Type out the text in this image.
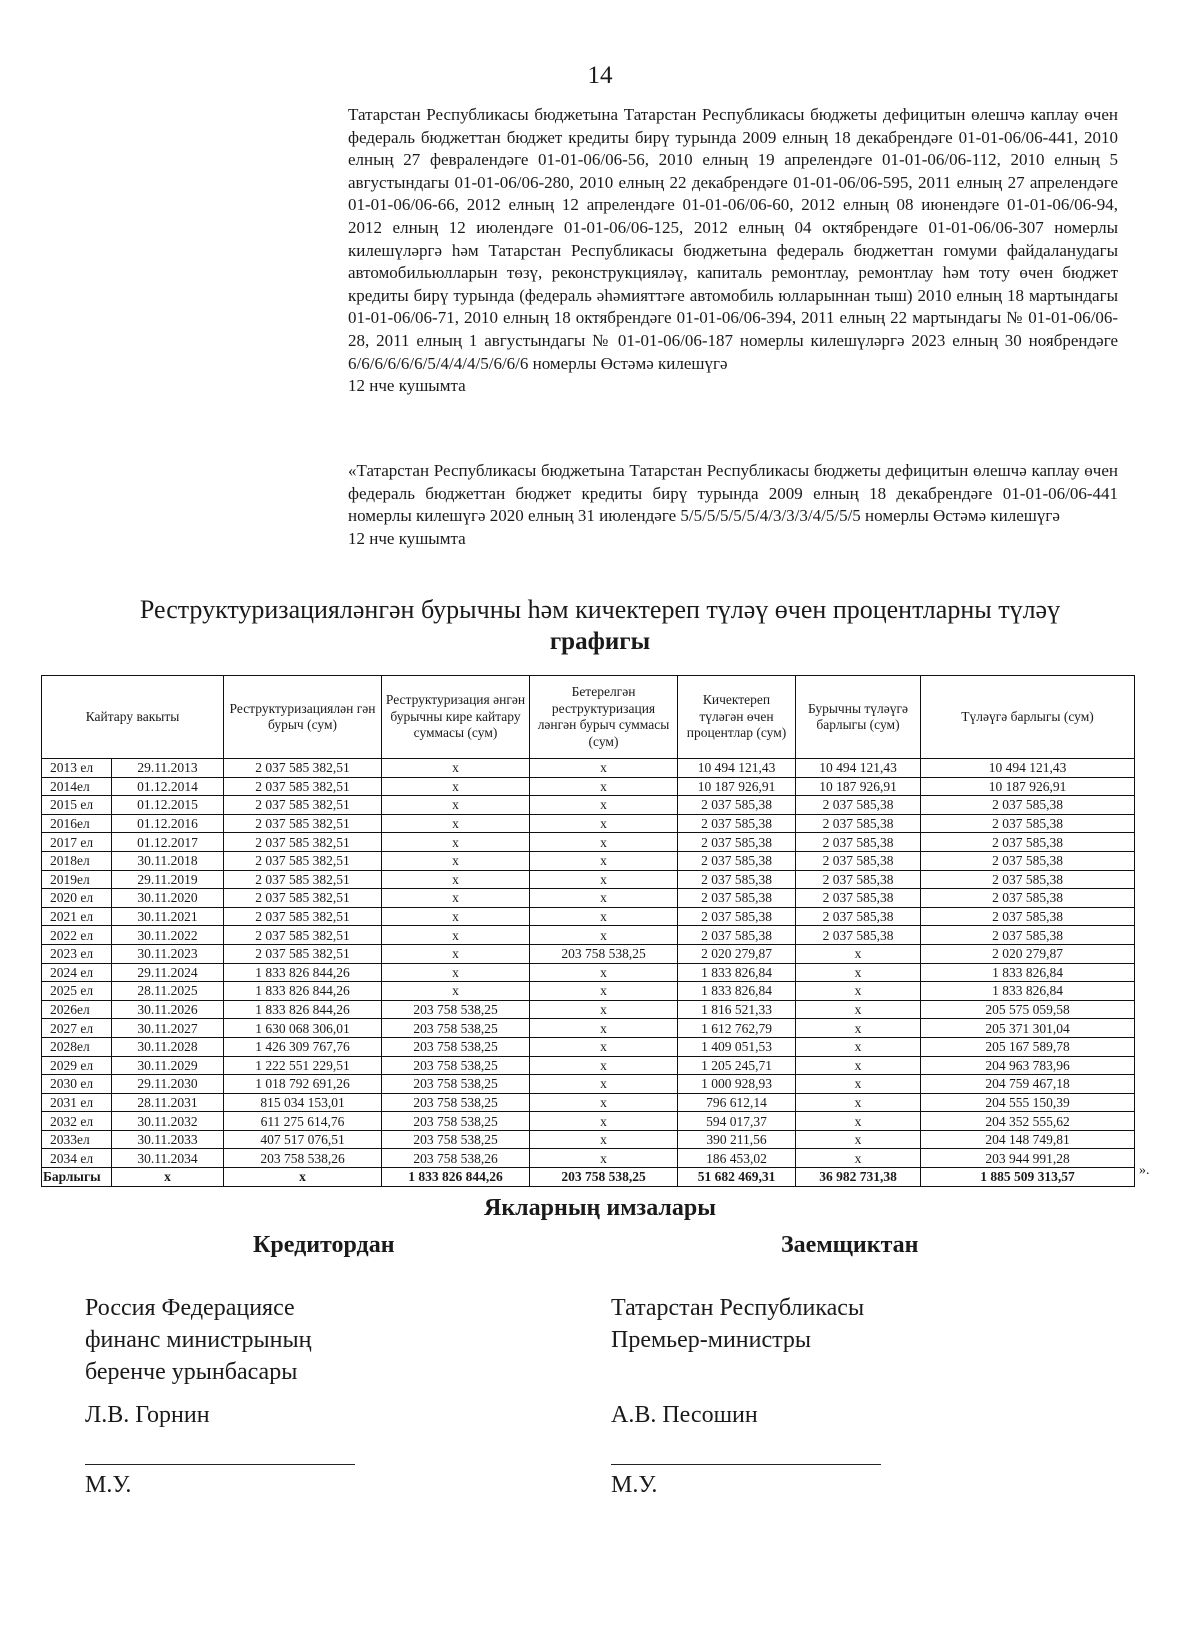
14
Татарстан Республикасы бюджетына Татарстан Республикасы бюджеты дефицитын өлешчә каплау өчен федераль бюджеттан бюджет кредиты бирү турында 2009 елның 18 декабрендәге 01-01-06/06-441, 2010 елның 27 февралендәге 01-01-06/06-56, 2010 елның 19 апрелендәге 01-01-06/06-112, 2010 елның 5 августындагы 01-01-06/06-280, 2010 елның 22 декабрендәге 01-01-06/06-595, 2011 елның 27 апрелендәге 01-01-06/06-66, 2012 елның 12 апрелендәге 01-01-06/06-60, 2012 елның 08 июнендәге 01-01-06/06-94, 2012 елның 12 июлендәге 01-01-06/06-125, 2012 елның 04 октябрендәге 01-01-06/06-307 номерлы килешүләргә һәм Татарстан Республикасы бюджетына федераль бюджеттан гомуми файдаланудагы автомобильюлларын төзү, реконструкцияләү, капиталь ремонтлау, ремонтлау һәм тоту өчен бюджет кредиты бирү турында (федераль әһәмияттәге автомобиль юлларыннан тыш) 2010 елның 18 мартындагы 01-01-06/06-71, 2010 елның 18 октябрендәге 01-01-06/06-394, 2011 елның 22 мартындагы № 01-01-06/06-28, 2011 елның 1 августындагы № 01-01-06/06-187 номерлы килешүләргә 2023 елның 30 ноябрендәге 6/6/6/6/6/6/5/4/4/4/5/6/6/6 номерлы Өстәмә килешүгә
12 нче кушымта
«Татарстан Республикасы бюджетына Татарстан Республикасы бюджеты дефицитын өлешчә каплау өчен федераль бюджеттан бюджет кредиты бирү турында 2009 елның 18 декабрендәге 01-01-06/06-441 номерлы килешүгә 2020 елның 31 июлендәге 5/5/5/5/5/5/4/3/3/3/4/5/5/5 номерлы Өстәмә килешүгә
12 нче кушымта
Реструктуризацияләнгән бурычны һәм кичектереп түләү өчен процентларны түләү
графигы
Кайтару вакыты		Реструктуризациялән гән бурыч (сум)	Реструктуризация әнгән бурычны кире кайтару суммасы (сум)	Бетерелгән реструктуризация ләнгән бурыч суммасы (сум)	Кичектереп түләгән өчен процентлар (сум)	Бурычны түләүгә барлыгы (сум)	Түләүгә барлыгы (сум)
2013 ел	29.11.2013	2 037 585 382,51	x	x	10 494 121,43	10 494 121,43	10 494 121,43
2014ел	01.12.2014	2 037 585 382,51	x	x	10 187 926,91	10 187 926,91	10 187 926,91
2015 ел	01.12.2015	2 037 585 382,51	x	x	2 037 585,38	2 037 585,38	2 037 585,38
2016ел	01.12.2016	2 037 585 382,51	x	x	2 037 585,38	2 037 585,38	2 037 585,38
2017 ел	01.12.2017	2 037 585 382,51	x	x	2 037 585,38	2 037 585,38	2 037 585,38
2018ел	30.11.2018	2 037 585 382,51	x	x	2 037 585,38	2 037 585,38	2 037 585,38
2019ел	29.11.2019	2 037 585 382,51	x	x	2 037 585,38	2 037 585,38	2 037 585,38
2020 ел	30.11.2020	2 037 585 382,51	x	x	2 037 585,38	2 037 585,38	2 037 585,38
2021 ел	30.11.2021	2 037 585 382,51	x	x	2 037 585,38	2 037 585,38	2 037 585,38
2022 ел	30.11.2022	2 037 585 382,51	x	x	2 037 585,38	2 037 585,38	2 037 585,38
2023 ел	30.11.2023	2 037 585 382,51	x	203 758 538,25	2 020 279,87	x	2 020 279,87
2024 ел	29.11.2024	1 833 826 844,26	x	x	1 833 826,84	x	1 833 826,84
2025 ел	28.11.2025	1 833 826 844,26	x	x	1 833 826,84	x	1 833 826,84
2026ел	30.11.2026	1 833 826 844,26	203 758 538,25	x	1 816 521,33	x	205 575 059,58
2027 ел	30.11.2027	1 630 068 306,01	203 758 538,25	x	1 612 762,79	x	205 371 301,04
2028ел	30.11.2028	1 426 309 767,76	203 758 538,25	x	1 409 051,53	x	205 167 589,78
2029 ел	30.11.2029	1 222 551 229,51	203 758 538,25	x	1 205 245,71	x	204 963 783,96
2030 ел	29.11.2030	1 018 792 691,26	203 758 538,25	x	1 000 928,93	x	204 759 467,18
2031 ел	28.11.2031	815 034 153,01	203 758 538,25	x	796 612,14	x	204 555 150,39
2032 ел	30.11.2032	611 275 614,76	203 758 538,25	x	594 017,37	x	204 352 555,62
2033ел	30.11.2033	407 517 076,51	203 758 538,25	x	390 211,56	x	204 148 749,81
2034 ел	30.11.2034	203 758 538,26	203 758 538,26	x	186 453,02	x	203 944 991,28
Барлыгы	x	x	1 833 826 844,26	203 758 538,25	51 682 469,31	36 982 731,38	1 885 509 313,57	».
Якларның имзалары
Кредитордан	Заемщиктан
Россия Федерациясе
финанс министрының
беренче урынбасары
Татарстан Республикасы
Премьер-министры
Л.В. Горнин	А.В. Песошин
М.У.	М.У.
